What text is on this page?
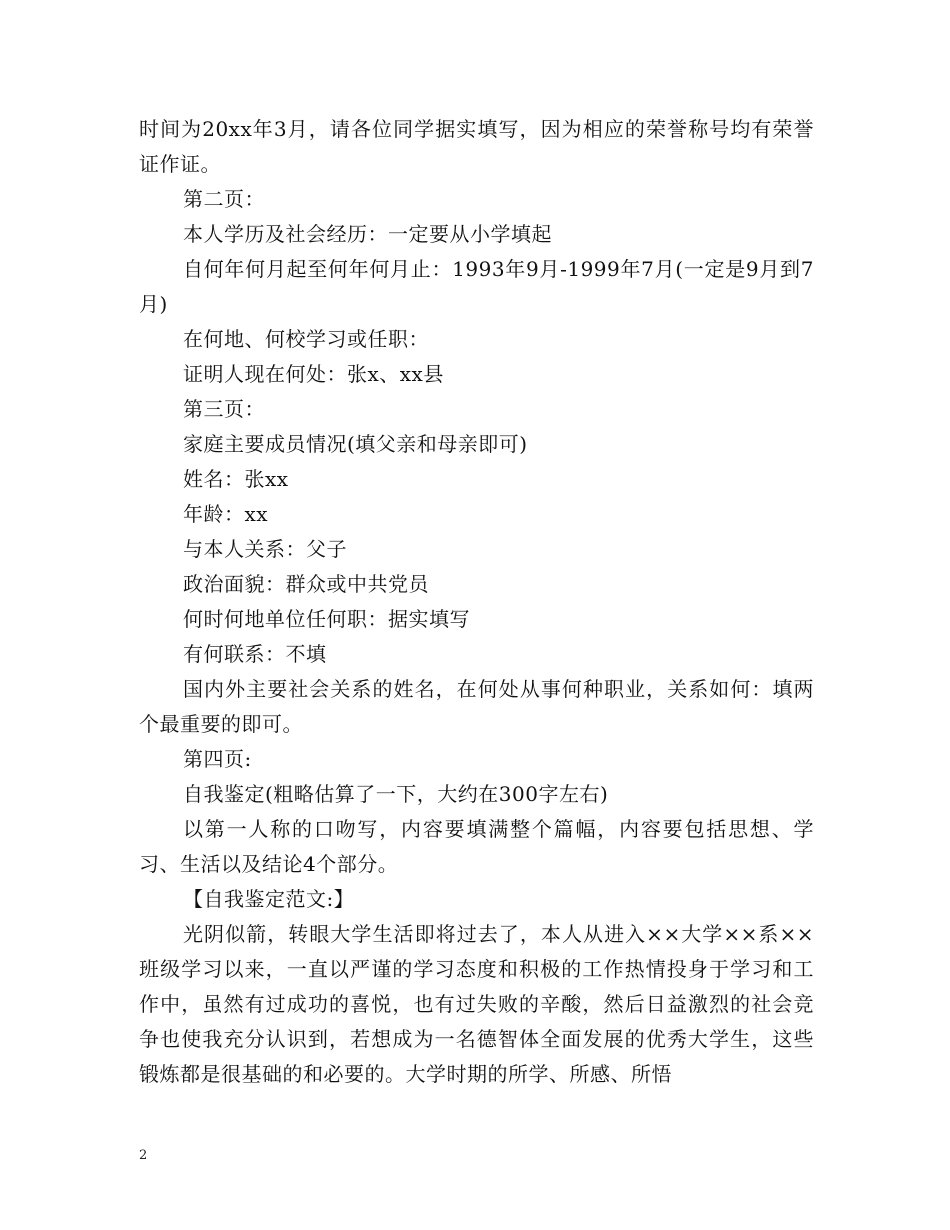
时间为20xx年3月，请各位同学据实填写，因为相应的荣誉称号均有荣誉证作证。

第二页：

本人学历及社会经历：一定要从小学填起

自何年何月起至何年何月止：1993年9月-1999年7月(一定是9月到7月)

在何地、何校学习或任职：

证明人现在何处：张x、xx县

第三页：

家庭主要成员情况(填父亲和母亲即可)

姓名：张xx

年龄：xx

与本人关系：父子

政治面貌：群众或中共党员

何时何地单位任何职：据实填写

有何联系：不填

国内外主要社会关系的姓名，在何处从事何种职业，关系如何：填两个最重要的即可。

第四页:

自我鉴定(粗略估算了一下，大约在300字左右)

以第一人称的口吻写，内容要填满整个篇幅，内容要包括思想、学习、生活以及结论4个部分。

【自我鉴定范文:】

光阴似箭，转眼大学生活即将过去了，本人从进入××大学××系××班级学习以来，一直以严谨的学习态度和积极的工作热情投身于学习和工作中，虽然有过成功的喜悦，也有过失败的辛酸，然后日益激烈的社会竞争也使我充分认识到，若想成为一名德智体全面发展的优秀大学生，这些锻炼都是很基础的和必要的。大学时期的所学、所感、所悟

2
